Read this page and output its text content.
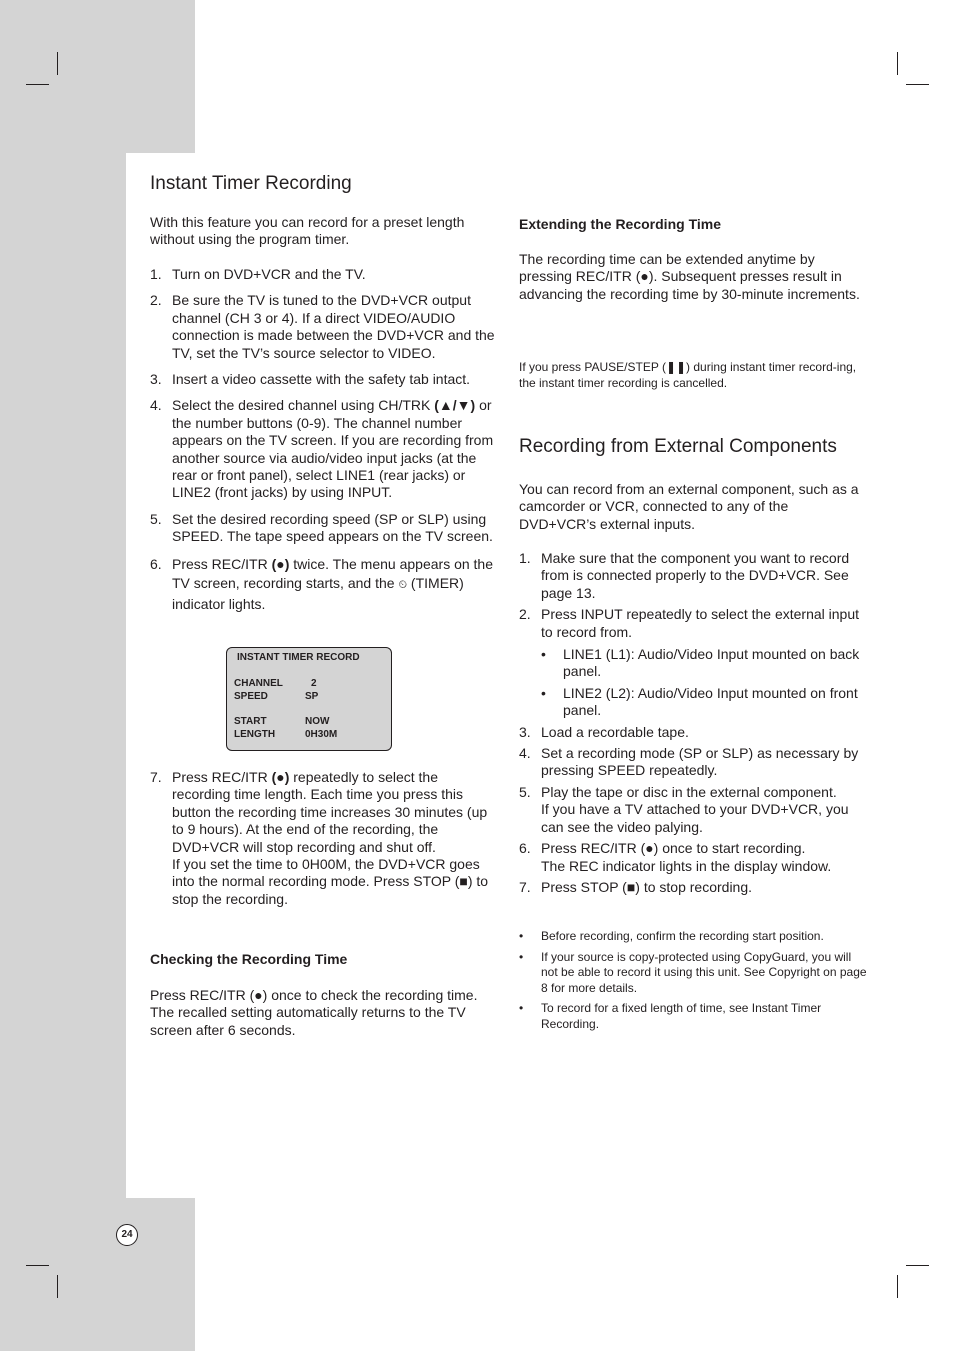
Instant Timer Recording

With this feature you can record for a preset length without using the program timer.

1. Turn on DVD+VCR and the TV.
2. Be sure the TV is tuned to the DVD+VCR output channel (CH 3 or 4). If a direct VIDEO/AUDIO connection is made between the DVD+VCR and the TV, set the TV’s source selector to VIDEO.
3. Insert a video cassette with the safety tab intact.
4. Select the desired channel using CH/TRK (▲/▼) or the number buttons (0-9). The channel number appears on the TV screen. If you are recording from another source via audio/video input jacks (at the rear or front panel), select LINE1 (rear jacks) or LINE2 (front jacks) by using INPUT.
5. Set the desired recording speed (SP or SLP) using SPEED. The tape speed appears on the TV screen.
6. Press REC/ITR (●) twice. The menu appears on the TV screen, recording starts, and the ⏲ (TIMER) indicator lights.
INSTANT TIMER RECORD
CHANNEL	2
SPEED	SP
START	NOW
LENGTH	0H30M
7. Press REC/ITR (●) repeatedly to select the recording time length. Each time you press this button the recording time increases 30 minutes (up to 9 hours). At the end of the recording, the DVD+VCR will stop recording and shut off.
If you set the time to 0H00M, the DVD+VCR goes into the normal recording mode. Press STOP (■) to stop the recording.
Checking the Recording Time

Press REC/ITR (●) once to check the recording time. The recalled setting automatically returns to the TV screen after 6 seconds.

Extending the Recording Time

The recording time can be extended anytime by pressing REC/ITR (●). Subsequent presses result in advancing the recording time by 30-minute increments.

If you press PAUSE/STEP (❚❚) during instant timer record-ing, the instant timer recording is cancelled.

Recording from External Components

You can record from an external component, such as a camcorder or VCR, connected to any of the DVD+VCR’s external inputs.

1. Make sure that the component you want to record from is connected properly to the DVD+VCR. See page 13.
2. Press INPUT repeatedly to select the external input to record from.
• LINE1 (L1): Audio/Video Input mounted on back panel.
• LINE2 (L2): Audio/Video Input mounted on front panel.
3. Load a recordable tape.
4. Set a recording mode (SP or SLP) as necessary by pressing SPEED repeatedly.
5. Play the tape or disc in the external component.
If you have a TV attached to your DVD+VCR, you can see the video palying.
6. Press REC/ITR (●) once to start recording.
The REC indicator lights in the display window.
7. Press STOP (■) to stop recording.
• Before recording, confirm the recording start position.
• If your source is copy-protected using CopyGuard, you will not be able to record it using this unit. See Copyright on page 8 for more details.
• To record for a fixed length of time, see Instant Timer Recording.
24
